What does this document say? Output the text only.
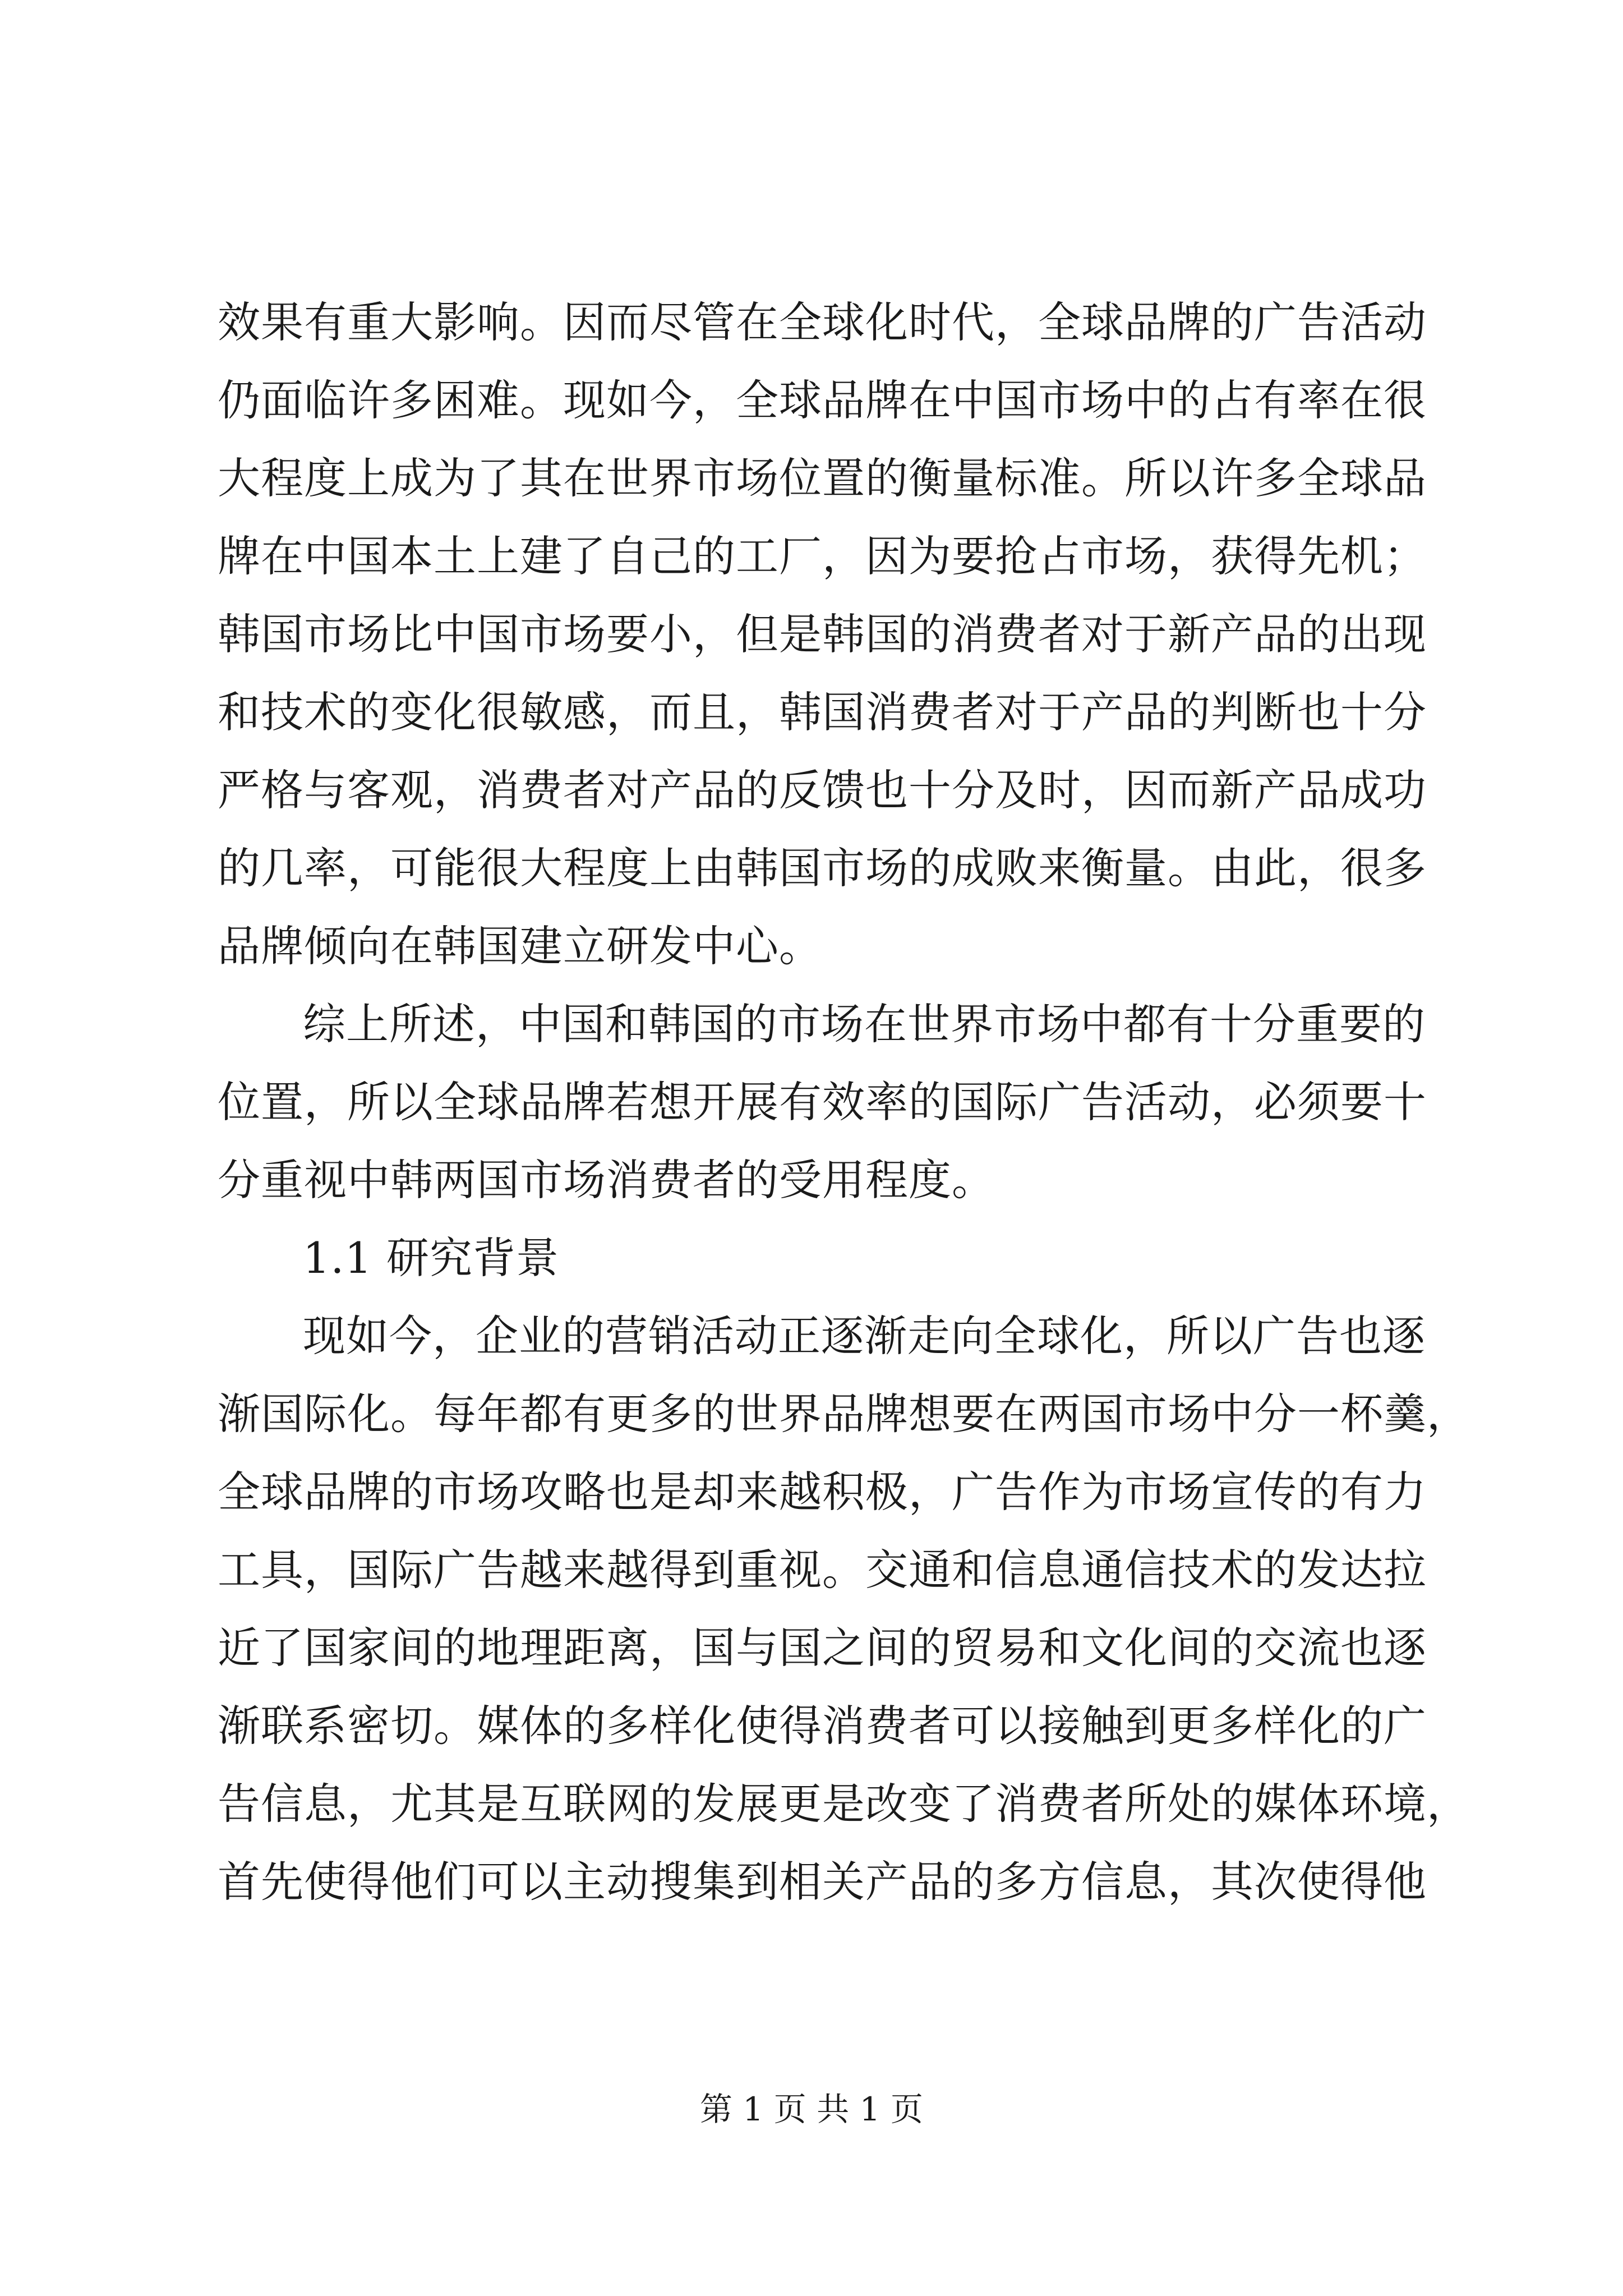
效果有重大影响。因而尽管在全球化时代，全球品牌的广告活动
仍面临许多困难。现如今，全球品牌在中国市场中的占有率在很
大程度上成为了其在世界市场位置的衡量标准。所以许多全球品
牌在中国本土上建了自己的工厂，因为要抢占市场，获得先机；
韩国市场比中国市场要小，但是韩国的消费者对于新产品的出现
和技术的变化很敏感，而且，韩国消费者对于产品的判断也十分
严格与客观，消费者对产品的反馈也十分及时，因而新产品成功
的几率，可能很大程度上由韩国市场的成败来衡量。由此，很多
品牌倾向在韩国建立研发中心。
综上所述，中国和韩国的市场在世界市场中都有十分重要的
位置，所以全球品牌若想开展有效率的国际广告活动，必须要十
分重视中韩两国市场消费者的受用程度。
1.1 研究背景
现如今，企业的营销活动正逐渐走向全球化，所以广告也逐
渐国际化。每年都有更多的世界品牌想要在两国市场中分一杯羹，
全球品牌的市场攻略也是却来越积极，广告作为市场宣传的有力
工具，国际广告越来越得到重视。交通和信息通信技术的发达拉
近了国家间的地理距离，国与国之间的贸易和文化间的交流也逐
渐联系密切。媒体的多样化使得消费者可以接触到更多样化的广
告信息，尤其是互联网的发展更是改变了消费者所处的媒体环境，
首先使得他们可以主动搜集到相关产品的多方信息，其次使得他
第 1 页 共 1 页
